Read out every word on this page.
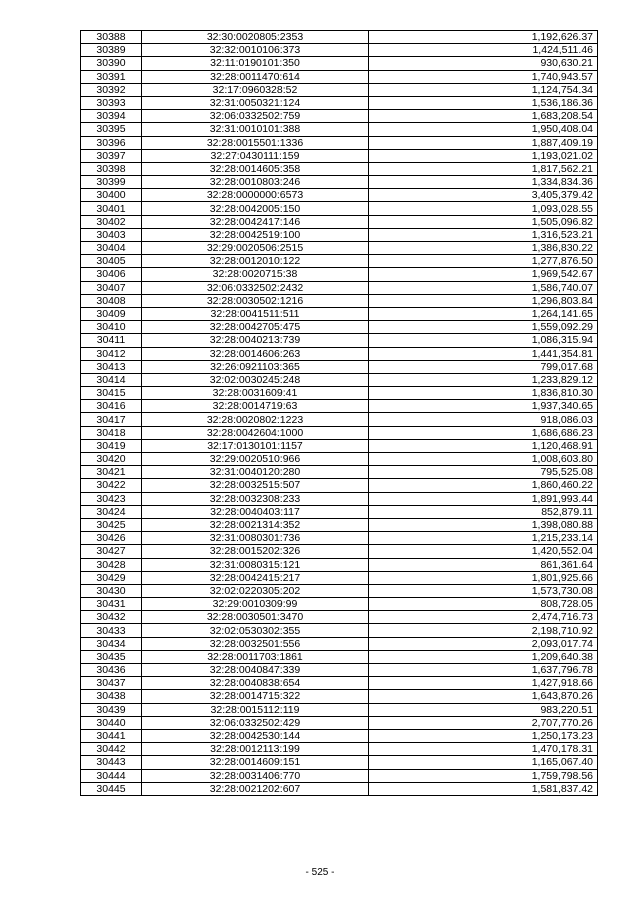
30388	32:30:0020805:2353	1,192,626.37
30389	32:32:0010106:373	1,424,511.46
30390	32:11:0190101:350	930,630.21
30391	32:28:0011470:614	1,740,943.57
30392	32:17:0960328:52	1,124,754.34
30393	32:31:0050321:124	1,536,186.36
30394	32:06:0332502:759	1,683,208.54
30395	32:31:0010101:388	1,950,408.04
30396	32:28:0015501:1336	1,887,409.19
30397	32:27:0430111:159	1,193,021.02
30398	32:28:0014605:358	1,817,562.21
30399	32:28:0010803:246	1,334,834.36
30400	32:28:0000000:6573	3,405,379.42
30401	32:28:0042005:150	1,093,028.55
30402	32:28:0042417:146	1,505,096.82
30403	32:28:0042519:100	1,316,523.21
30404	32:29:0020506:2515	1,386,830.22
30405	32:28:0012010:122	1,277,876.50
30406	32:28:0020715:38	1,969,542.67
30407	32:06:0332502:2432	1,586,740.07
30408	32:28:0030502:1216	1,296,803.84
30409	32:28:0041511:511	1,264,141.65
30410	32:28:0042705:475	1,559,092.29
30411	32:28:0040213:739	1,086,315.94
30412	32:28:0014606:263	1,441,354.81
30413	32:26:0921103:365	799,017.68
30414	32:02:0030245:248	1,233,829.12
30415	32:28:0031609:41	1,836,810.30
30416	32:28:0014719:63	1,937,340.65
30417	32:28:0020802:1223	918,086.03
30418	32:28:0042604:1000	1,686,686.23
30419	32:17:0130101:1157	1,120,468.91
30420	32:29:0020510:966	1,008,603.80
30421	32:31:0040120:280	795,525.08
30422	32:28:0032515:507	1,860,460.22
30423	32:28:0032308:233	1,891,993.44
30424	32:28:0040403:117	852,879.11
30425	32:28:0021314:352	1,398,080.88
30426	32:31:0080301:736	1,215,233.14
30427	32:28:0015202:326	1,420,552.04
30428	32:31:0080315:121	861,361.64
30429	32:28:0042415:217	1,801,925.66
30430	32:02:0220305:202	1,573,730.08
30431	32:29:0010309:99	808,728.05
30432	32:28:0030501:3470	2,474,716.73
30433	32:02:0530302:355	2,198,710.92
30434	32:28:0032501:556	2,093,017.74
30435	32:28:0011703:1861	1,209,640.38
30436	32:28:0040847:339	1,637,796.78
30437	32:28:0040838:654	1,427,918.66
30438	32:28:0014715:322	1,643,870.26
30439	32:28:0015112:119	983,220.51
30440	32:06:0332502:429	2,707,770.26
30441	32:28:0042530:144	1,250,173.23
30442	32:28:0012113:199	1,470,178.31
30443	32:28:0014609:151	1,165,067.40
30444	32:28:0031406:770	1,759,798.56
30445	32:28:0021202:607	1,581,837.42
- 525 -
